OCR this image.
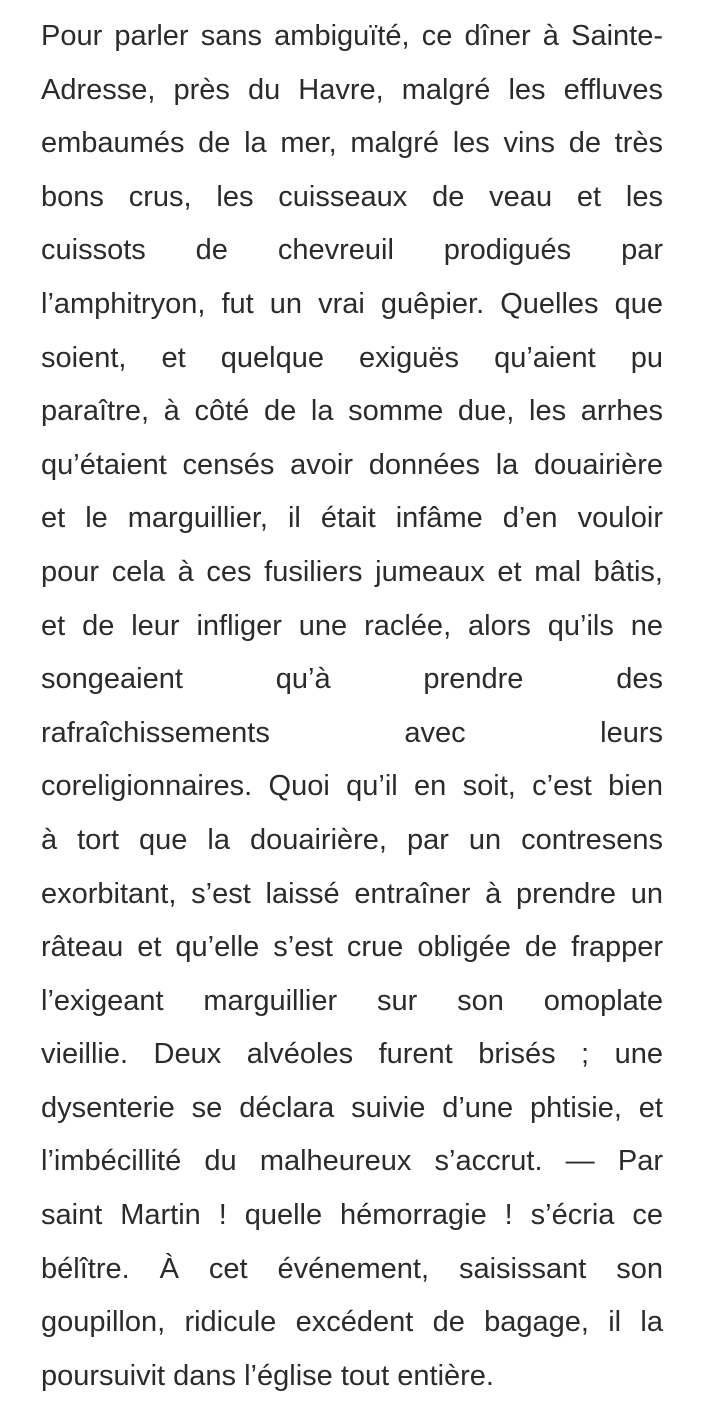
Pour parler sans ambiguïté, ce dîner à Sainte-
Adresse, près du Havre, malgré les effluves
embaumés de la mer, malgré les vins de très
bons crus, les cuisseaux de veau et les
cuissots de chevreuil prodigués par
l’amphitryon, fut un vrai guêpier. Quelles que
soient, et quelque exiguës qu’aient pu
paraître, à côté de la somme due, les arrhes
qu’étaient censés avoir données la douairière
et le marguillier, il était infâme d’en vouloir
pour cela à ces fusiliers jumeaux et mal bâtis,
et de leur infliger une raclée, alors qu’ils ne
songeaient qu’à prendre des
rafraîchissements avec leurs
coreligionnaires. Quoi qu’il en soit, c’est bien
à tort que la douairière, par un contresens
exorbitant, s’est laissé entraîner à prendre un
râteau et qu’elle s’est crue obligée de frapper
l’exigeant marguillier sur son omoplate
vieillie. Deux alvéoles furent brisés ; une
dysenterie se déclara suivie d’une phtisie, et
l’imbécillité du malheureux s’accrut. — Par
saint Martin ! quelle hémorragie ! s’écria ce
bélître. À cet événement, saisissant son
goupillon, ridicule excédent de bagage, il la
poursuivit dans l’église tout entière.
